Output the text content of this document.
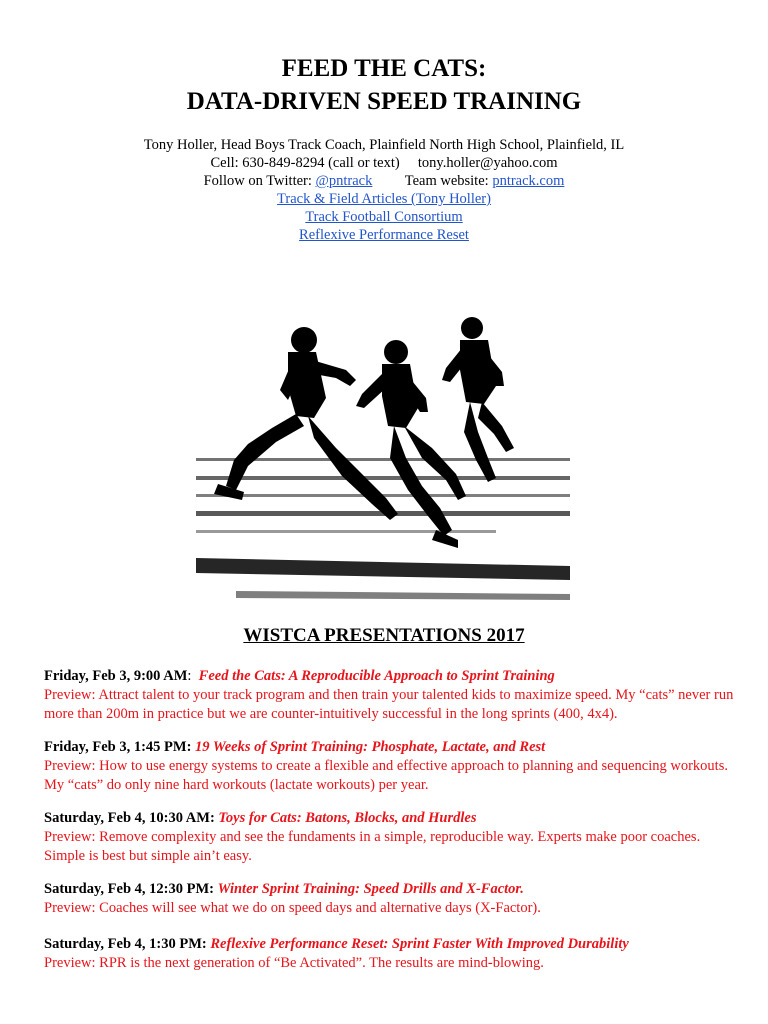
FEED THE CATS:
DATA-DRIVEN SPEED TRAINING
Tony Holler, Head Boys Track Coach, Plainfield North High School, Plainfield, IL
Cell: 630-849-8294 (call or text) tony.holler@yahoo.com
Follow on Twitter: @pntrack Team website: pntrack.com
Track & Field Articles (Tony Holler)
Track Football Consortium
Reflexive Performance Reset
WISTCA PRESENTATIONS 2017
Friday, Feb 3, 9:00 AM:  Feed the Cats: A Reproducible Approach to Sprint Training
Preview: Attract talent to your track program and then train your talented kids to maximize speed. My “cats” never run more than 200m in practice but we are counter-intuitively successful in the long sprints (400, 4x4).
Friday, Feb 3, 1:45 PM: 19 Weeks of Sprint Training: Phosphate, Lactate, and Rest
Preview: How to use energy systems to create a flexible and effective approach to planning and sequencing workouts. My “cats” do only nine hard workouts (lactate workouts) per year.
Saturday, Feb 4, 10:30 AM: Toys for Cats: Batons, Blocks, and Hurdles
Preview: Remove complexity and see the fundaments in a simple, reproducible way. Experts make poor coaches. Simple is best but simple ain’t easy.
Saturday, Feb 4, 12:30 PM: Winter Sprint Training: Speed Drills and X-Factor.
Preview: Coaches will see what we do on speed days and alternative days (X-Factor).
Saturday, Feb 4, 1:30 PM: Reflexive Performance Reset: Sprint Faster With Improved Durability
Preview: RPR is the next generation of “Be Activated”. The results are mind-blowing.
